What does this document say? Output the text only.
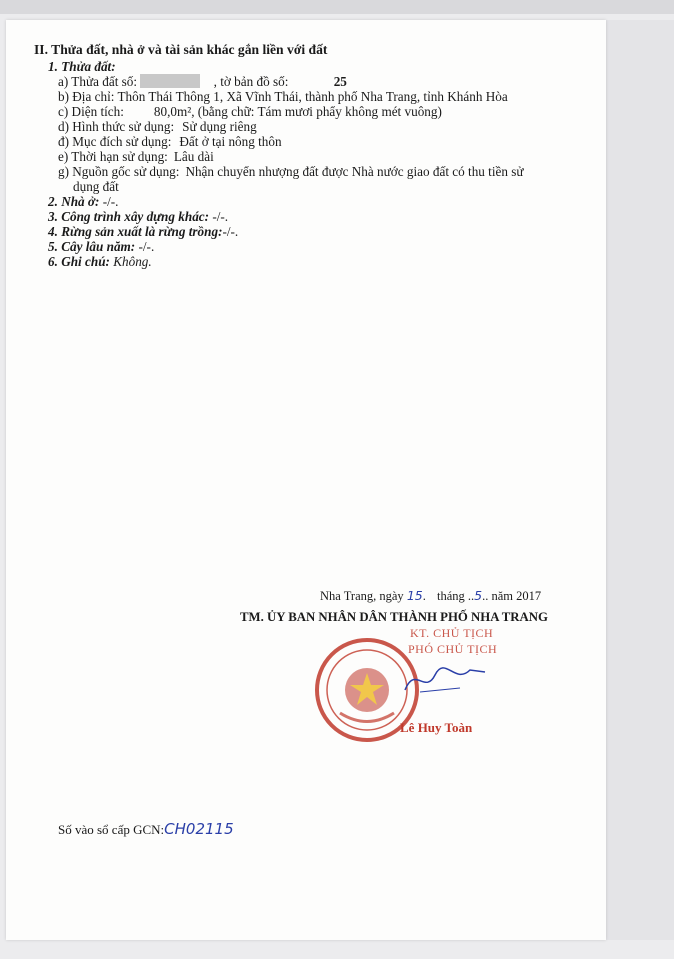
II. Thửa đất, nhà ở và tài sản khác gắn liền với đất
1. Thửa đất:
a) Thửa đất số:	, tờ bản đồ số:	25
b) Địa chỉ: Thôn Thái Thông 1, Xã Vĩnh Thái, thành phố Nha Trang, tỉnh Khánh Hòa
c) Diện tích: 80,0m², (bằng chữ: Tám mươi phẩy không mét vuông)
d) Hình thức sử dụng: Sử dụng riêng
đ) Mục đích sử dụng: Đất ở tại nông thôn
e) Thời hạn sử dụng: Lâu dài
g) Nguồn gốc sử dụng: Nhận chuyển nhượng đất được Nhà nước giao đất có thu tiền sử
dụng đất
2. Nhà ở: -/-.
3. Công trình xây dựng khác: -/-.
4. Rừng sản xuất là rừng trồng:-/-.
5. Cây lâu năm: -/-.
6. Ghi chú: Không.
Nha Trang, ngày 15. tháng ..5.. năm 2017
TM. ỦY BAN NHÂN DÂN THÀNH PHỐ NHA TRANG
KT. CHỦ TỊCH
PHÓ CHỦ TỊCH
Lê Huy Toàn
Số vào sổ cấp GCN:CH02115
